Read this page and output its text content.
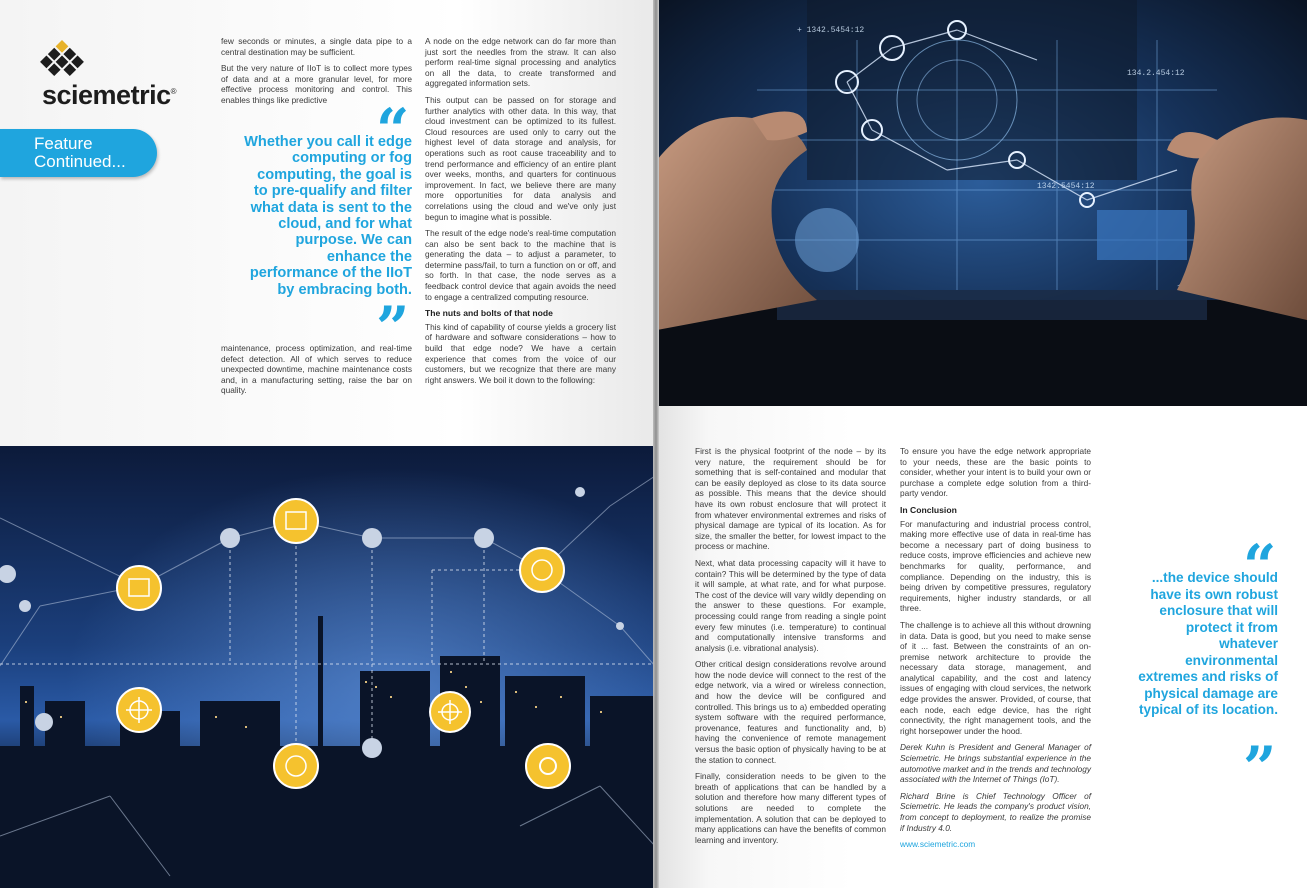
sciemetric®
Feature
Continued...

few seconds or minutes, a single data pipe to a central destination may be sufficient.

But the very nature of IIoT is to collect more types of data and at a more granular level, for more effective process monitoring and control. This enables things like predictive “
Whether you call it edge computing or fog computing, the goal is to pre-qualify and filter what data is sent to the cloud, and for what purpose. We can enhance the performance of the IIoT by embracing both.
”

maintenance, process optimization, and real-time defect detection. All of which serves to reduce unexpected downtime, machine maintenance costs and, in a manufacturing setting, raise the bar on quality.

A node on the edge network can do far more than just sort the needles from the straw. It can also perform real-time signal processing and analytics on all the data, to create transformed and aggregated information sets.

This output can be passed on for storage and further analytics with other data. In this way, that cloud investment can be optimized to its fullest. Cloud resources are used only to carry out the highest level of data storage and analysis, for operations such as root cause traceability and to trend performance and efficiency of an entire plant over weeks, months, and quarters for continuous improvement. In fact, we believe there are many more opportunities for data analysis and correlations using the cloud and we've only just begun to imagine what is possible.

The result of the edge node's real-time computation can also be sent back to the machine that is generating the data – to adjust a parameter, to determine pass/fail, to turn a function on or off, and so forth. In that case, the node serves as a feedback control device that again avoids the need to engage a centralized computing resource.

The nuts and bolts of that node

This kind of capability of course yields a grocery list of hardware and software considerations – how to build that edge node? We have a certain experience that comes from the voice of our customers, but we recognize that there are many right answers. We boil it down to the following:

First is the physical footprint of the node – by its very nature, the requirement should be for something that is self-contained and modular that can be easily deployed as close to its data source as possible. This means that the device should have its own robust enclosure that will protect it from whatever environmental extremes and risks of physical damage are typical of its location. As for size, the smaller the better, for lowest impact to the process or machine.

Next, what data processing capacity will it have to contain? This will be determined by the type of data it will sample, at what rate, and for what purpose. The cost of the device will vary wildly depending on the answer to these questions. For example, processing could range from reading a single point every few minutes (i.e. temperature) to continual and computationally intensive transforms and analysis (i.e. vibrational analysis).

Other critical design considerations revolve around how the node device will connect to the rest of the edge network, via a wired or wireless connection, and how the device will be configured and controlled. This brings us to a) embedded operating system software with the required performance, provenance, features and functionality and, b) having the convenience of remote management versus the basic option of physically having to be at the station to connect.

Finally, consideration needs to be given to the breath of applications that can be handled by a solution and therefore how many different types of solutions are needed to complete the implementation. A solution that can be deployed to many applications can have the benefits of common learning and inventory.

To ensure you have the edge network appropriate to your needs, these are the basic points to consider, whether your intent is to build your own or purchase a complete edge solution from a third-party vendor.

In Conclusion

For manufacturing and industrial process control, making more effective use of data in real-time has become a necessary part of doing business to reduce costs, improve efficiencies and achieve new benchmarks for quality, performance, and compliance. Depending on the industry, this is being driven by competitive pressures, regulatory requirements, higher industry standards, or all three.

The challenge is to achieve all this without drowning in data. Data is good, but you need to make sense of it ... fast. Between the constraints of an on-premise network architecture to provide the necessary data storage, management, and analytical capability, and the cost and latency issues of engaging with cloud services, the network edge provides the answer. Provided, of course, that each node, each edge device, has the right connectivity, the right management tools, and the right horsepower under the hood.

Derek Kuhn is President and General Manager of Sciemetric. He brings substantial experience in the automotive market and in the trends and technology associated with the Internet of Things (IoT).

Richard Brine is Chief Technology Officer of Sciemetric. He leads the company's product vision, from concept to deployment, to realize the promise if Industry 4.0.

www.sciemetric.com

“
...the device should have its own robust enclosure that will protect it from whatever environmental extremes and risks of physical damage are typical of its location.
”
+ 1342.5454:12
1342.5454:12
134.2.454:12
